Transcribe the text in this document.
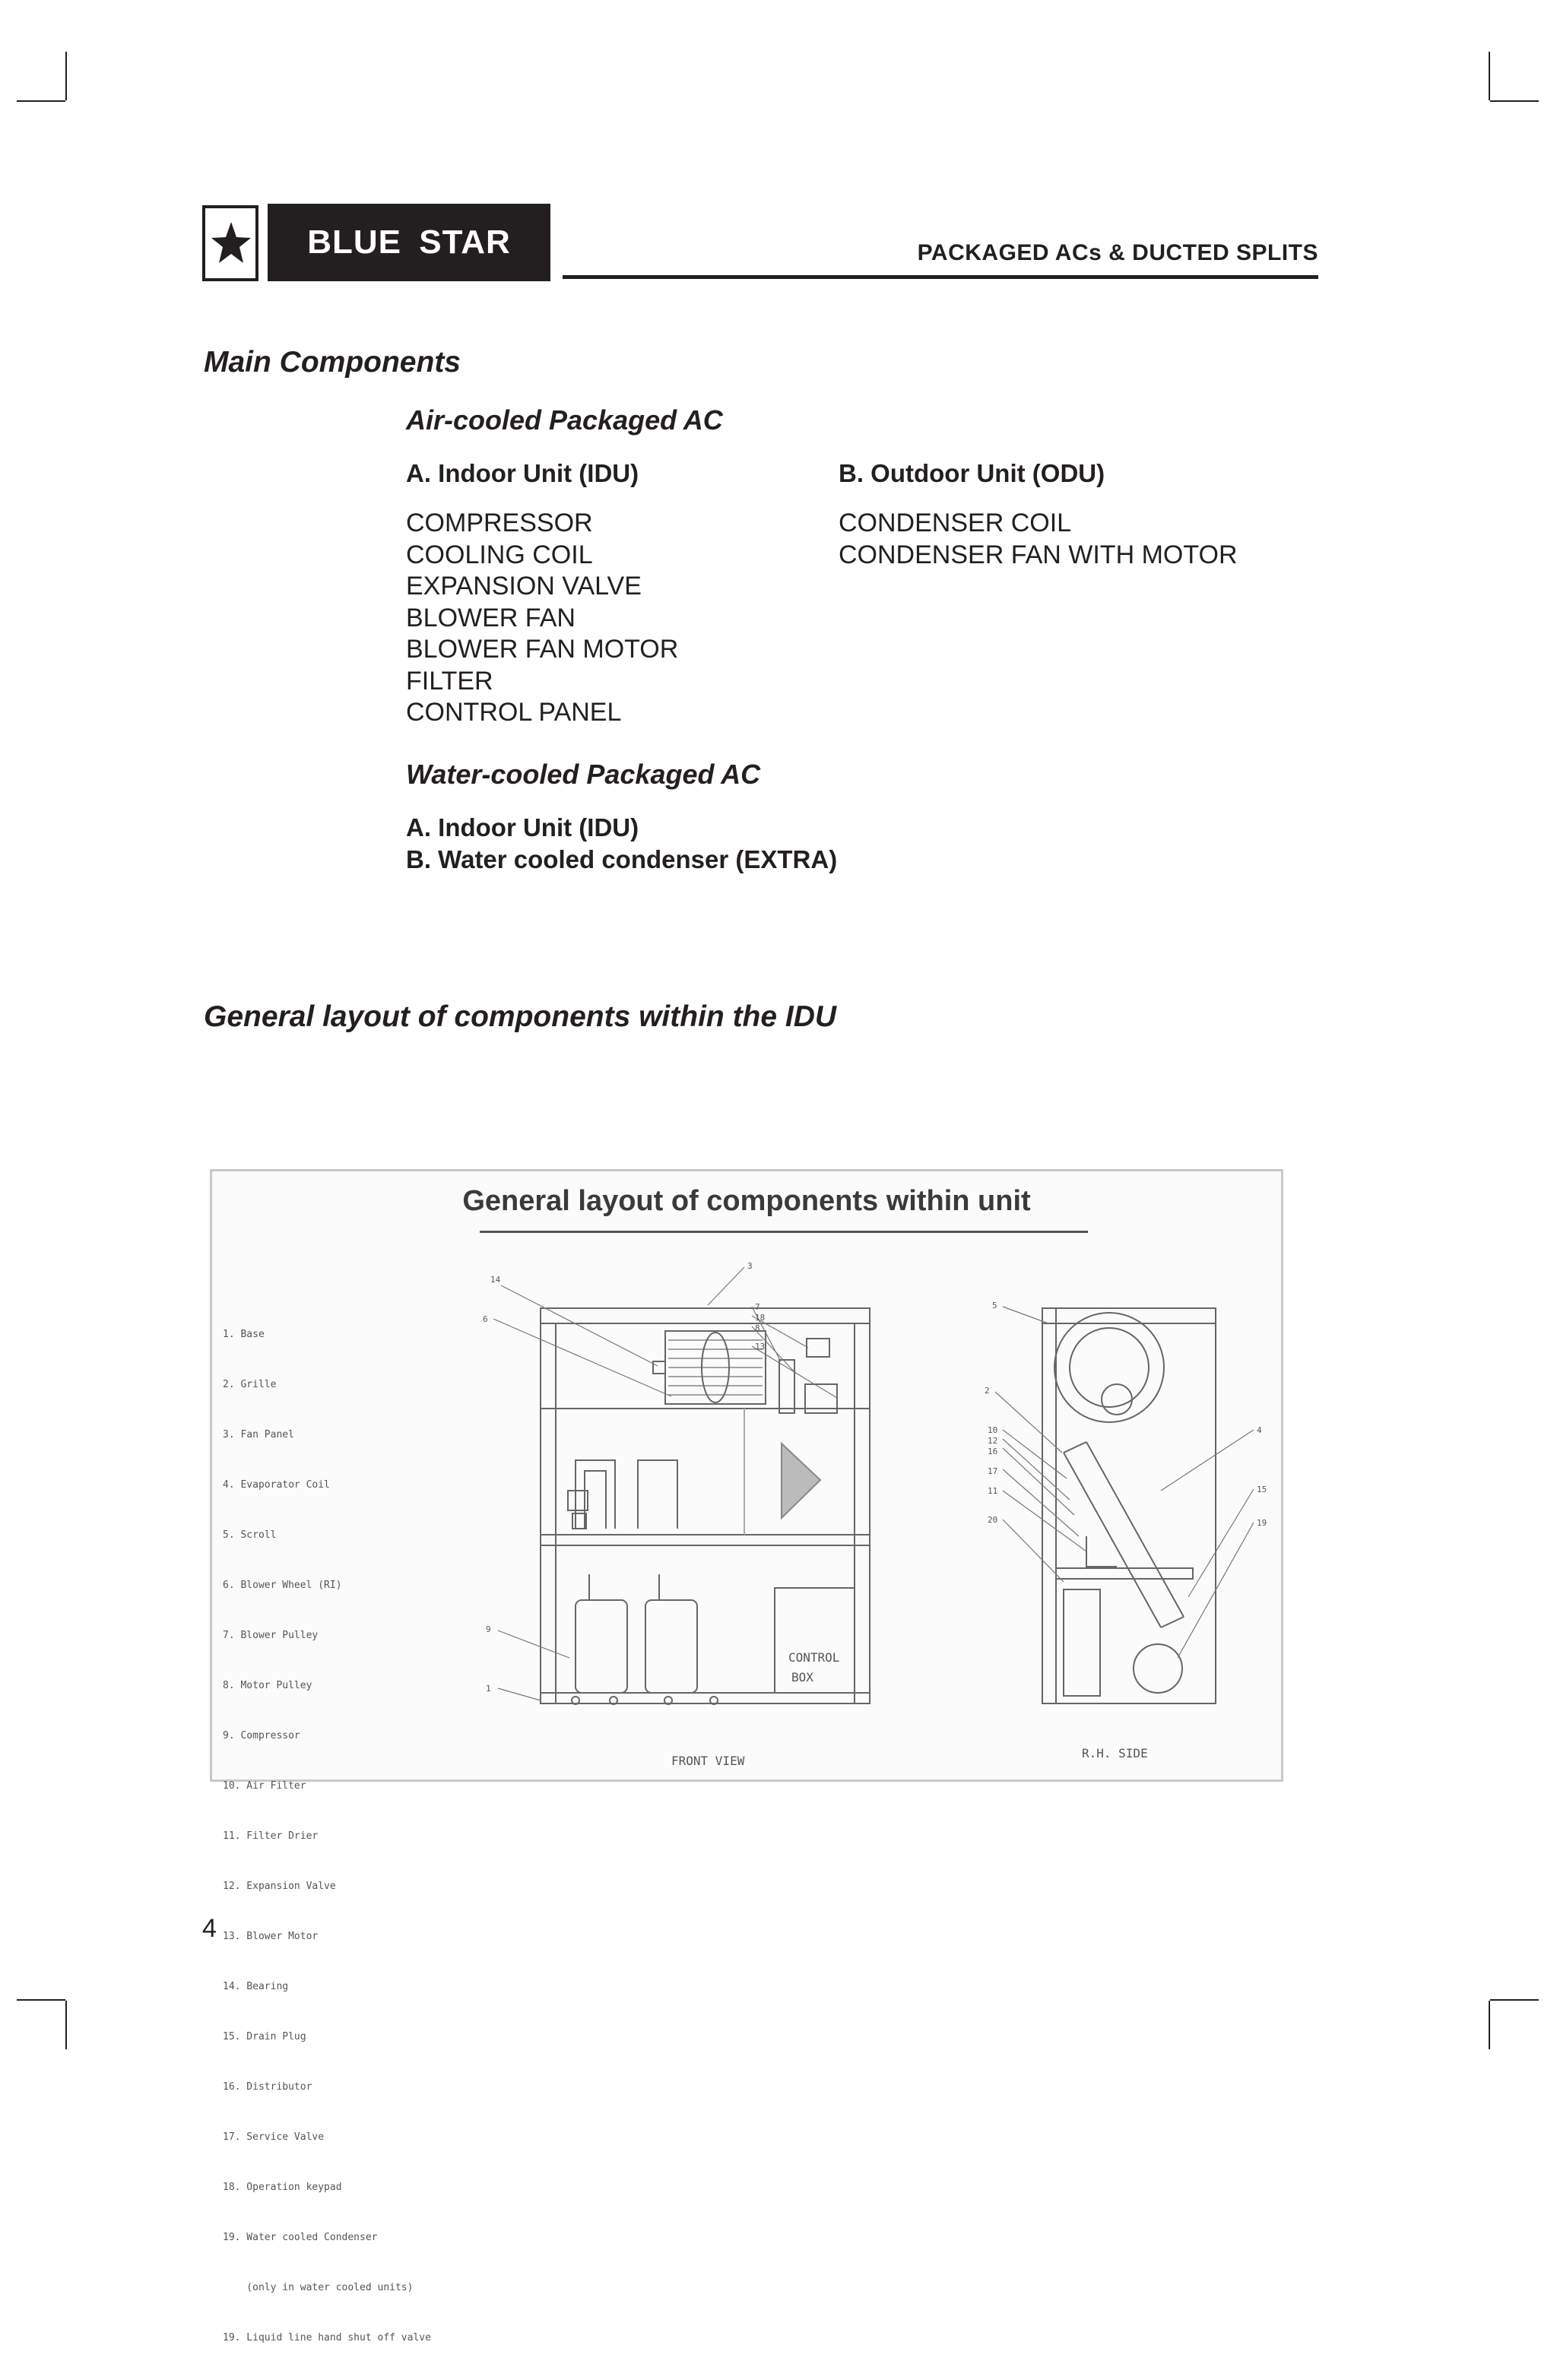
BLUE STAR	PACKAGED ACs & DUCTED SPLITS
Main Components
Air-cooled Packaged AC
A. Indoor Unit (IDU)
COMPRESSOR
COOLING COIL
EXPANSION VALVE
BLOWER FAN
BLOWER FAN MOTOR
FILTER
CONTROL PANEL
B. Outdoor Unit (ODU)
CONDENSER COIL
CONDENSER FAN WITH MOTOR
Water-cooled Packaged AC
A. Indoor Unit (IDU)
B. Water cooled condenser (EXTRA)
General layout of components within the IDU
General layout of components within unit

1. Base

2. Grille

3. Fan Panel

4. Evaporator Coil

5. Scroll

6. Blower Wheel (RI)

7. Blower Pulley

8. Motor Pulley

9. Compressor

10. Air Filter

11. Filter Drier

12. Expansion Valve

13. Blower Motor

14. Bearing

15. Drain Plug

16. Distributor

17. Service Valve

18. Operation keypad

19. Water cooled Condenser

(only in water cooled units)

19. Liquid line hand shut off valve

14
6
3
7
18
8
13
9
1
5
2
10
12
16
17
11
20
4
15
19
CONTROL
BOX
FRONT VIEW
R.H. SIDE
4
